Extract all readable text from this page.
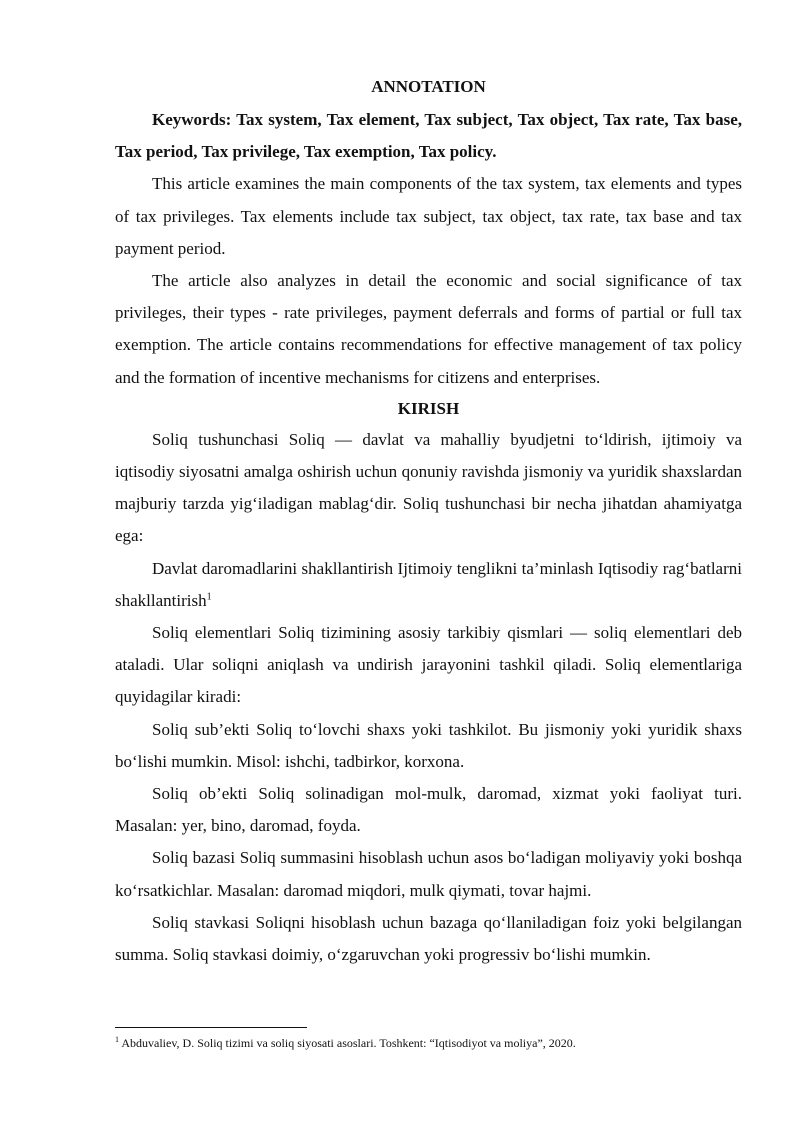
ANNOTATION

Keywords: Tax system, Tax element, Tax subject, Tax object, Tax rate, Tax base, Tax period, Tax privilege, Tax exemption, Tax policy.

This article examines the main components of the tax system, tax elements and types of tax privileges. Tax elements include tax subject, tax object, tax rate, tax base and tax payment period.

The article also analyzes in detail the economic and social significance of tax privileges, their types - rate privileges, payment deferrals and forms of partial or full tax exemption. The article contains recommendations for effective management of tax policy and the formation of incentive mechanisms for citizens and enterprises.

KIRISH

Soliq tushunchasi Soliq — davlat va mahalliy byudjetni to‘ldirish, ijtimoiy va iqtisodiy siyosatni amalga oshirish uchun qonuniy ravishda jismoniy va yuridik shaxslardan majburiy tarzda yig‘iladigan mablag‘dir. Soliq tushunchasi bir necha jihatdan ahamiyatga ega:

Davlat daromadlarini shakllantirish Ijtimoiy tenglikni ta’minlash Iqtisodiy rag‘batlarni shakllantirish$^1$

Soliq elementlari Soliq tizimining asosiy tarkibiy qismlari — soliq elementlari deb ataladi. Ular soliqni aniqlash va undirish jarayonini tashkil qiladi. Soliq elementlariga quyidagilar kiradi:

Soliq sub’ekti Soliq to‘lovchi shaxs yoki tashkilot. Bu jismoniy yoki yuridik shaxs bo‘lishi mumkin. Misol: ishchi, tadbirkor, korxona.

Soliq ob’ekti Soliq solinadigan mol-mulk, daromad, xizmat yoki faoliyat turi. Masalan: yer, bino, daromad, foyda.

Soliq bazasi Soliq summasini hisoblash uchun asos bo‘ladigan moliyaviy yoki boshqa ko‘rsatkichlar. Masalan: daromad miqdori, mulk qiymati, tovar hajmi.

Soliq stavkasi Soliqni hisoblash uchun bazaga qo‘llaniladigan foiz yoki belgilangan summa. Soliq stavkasi doimiy, o‘zgaruvchan yoki progressiv bo‘lishi mumkin.

$^1$ Abduvaliev, D. Soliq tizimi va soliq siyosati asoslari. Toshkent: “Iqtisodiyot va moliya”, 2020.
